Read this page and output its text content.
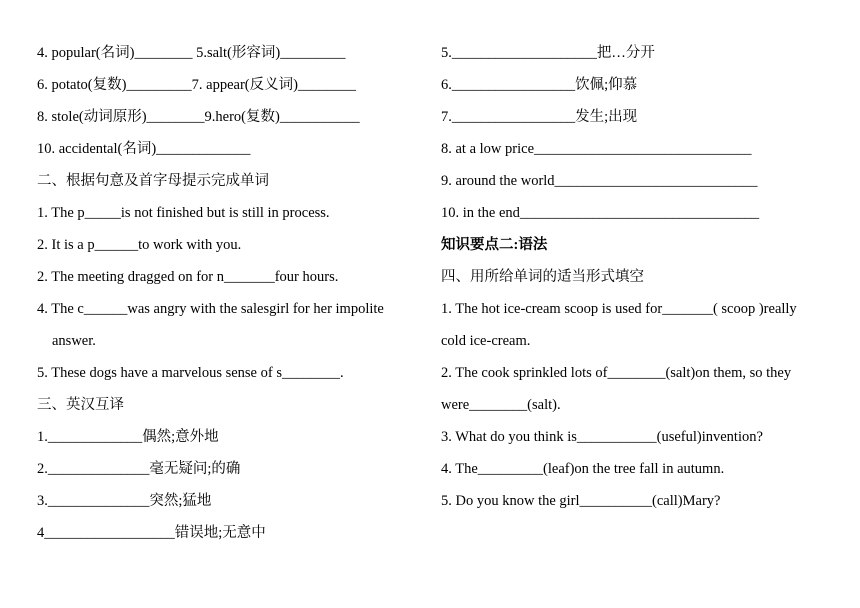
4. popular(名词)________ 5.salt(形容词)_________
6. potato(复数)_________7. appear(反义词)________
8. stole(动词原形)________9.hero(复数)___________
10. accidental(名词)_____________
二、根据句意及首字母提示完成单词
1. The p_____is not finished but is still in process.
2. It is a p______to work with you.
2. The meeting dragged on for n_______four hours.
4. The c______was angry with the salesgirl for her impolite
answer.
5. These dogs have a marvelous sense of s________.
三、英汉互译
1._____________偶然;意外地
2.______________毫无疑问;的确
3.______________突然;猛地
4__________________错误地;无意中
5.____________________把…分开
6._________________饮佩;仰慕
7._________________发生;出现
8. at a low price______________________________
9. around the world____________________________
10. in the end_________________________________
知识要点二:语法
四、用所给单词的适当形式填空
1. The hot ice-cream scoop is used for_______( scoop )really
cold ice-cream.
2. The cook sprinkled lots of________(salt)on them, so they
were________(salt).
3. What do you think is___________(useful)invention?
4. The_________(leaf)on the tree fall in autumn.
5. Do you know the girl__________(call)Mary?
